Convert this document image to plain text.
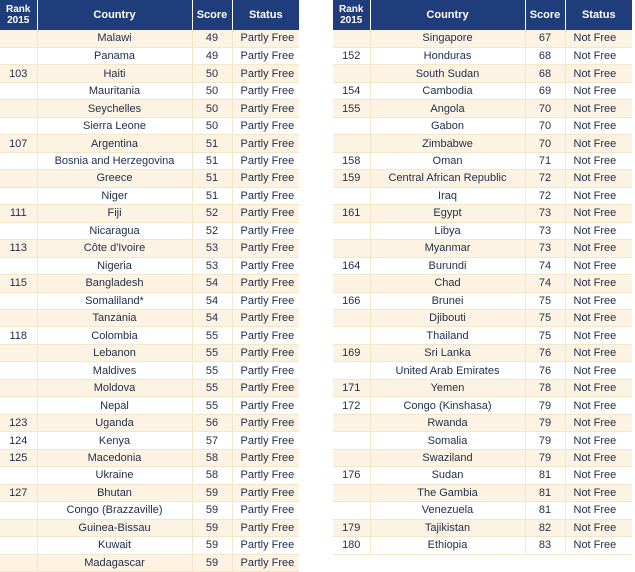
Rank
2015	Country	Score	Status
	Malawi	49	Partly Free
	Panama	49	Partly Free
103	Haiti	50	Partly Free
	Mauritania	50	Partly Free
	Seychelles	50	Partly Free
	Sierra Leone	50	Partly Free
107	Argentina	51	Partly Free
	Bosnia and Herzegovina	51	Partly Free
	Greece	51	Partly Free
	Niger	51	Partly Free
111	Fiji	52	Partly Free
	Nicaragua	52	Partly Free
113	Côte d'Ivoire	53	Partly Free
	Nigeria	53	Partly Free
115	Bangladesh	54	Partly Free
	Somaliland*	54	Partly Free
	Tanzania	54	Partly Free
118	Colombia	55	Partly Free
	Lebanon	55	Partly Free
	Maldives	55	Partly Free
	Moldova	55	Partly Free
	Nepal	55	Partly Free
123	Uganda	56	Partly Free
124	Kenya	57	Partly Free
125	Macedonia	58	Partly Free
	Ukraine	58	Partly Free
127	Bhutan	59	Partly Free
	Congo (Brazzaville)	59	Partly Free
	Guinea-Bissau	59	Partly Free
	Kuwait	59	Partly Free
	Madagascar	59	Partly Free
Rank
2015	Country	Score	Status
	Singapore	67	Not Free
152	Honduras	68	Not Free
	South Sudan	68	Not Free
154	Cambodia	69	Not Free
155	Angola	70	Not Free
	Gabon	70	Not Free
	Zimbabwe	70	Not Free
158	Oman	71	Not Free
159	Central African Republic	72	Not Free
	Iraq	72	Not Free
161	Egypt	73	Not Free
	Libya	73	Not Free
	Myanmar	73	Not Free
164	Burundi	74	Not Free
	Chad	74	Not Free
166	Brunei	75	Not Free
	Djibouti	75	Not Free
	Thailand	75	Not Free
169	Sri Lanka	76	Not Free
	United Arab Emirates	76	Not Free
171	Yemen	78	Not Free
172	Congo (Kinshasa)	79	Not Free
	Rwanda	79	Not Free
	Somalia	79	Not Free
	Swaziland	79	Not Free
176	Sudan	81	Not Free
	The Gambia	81	Not Free
	Venezuela	81	Not Free
179	Tajikistan	82	Not Free
180	Ethiopia	83	Not Free
